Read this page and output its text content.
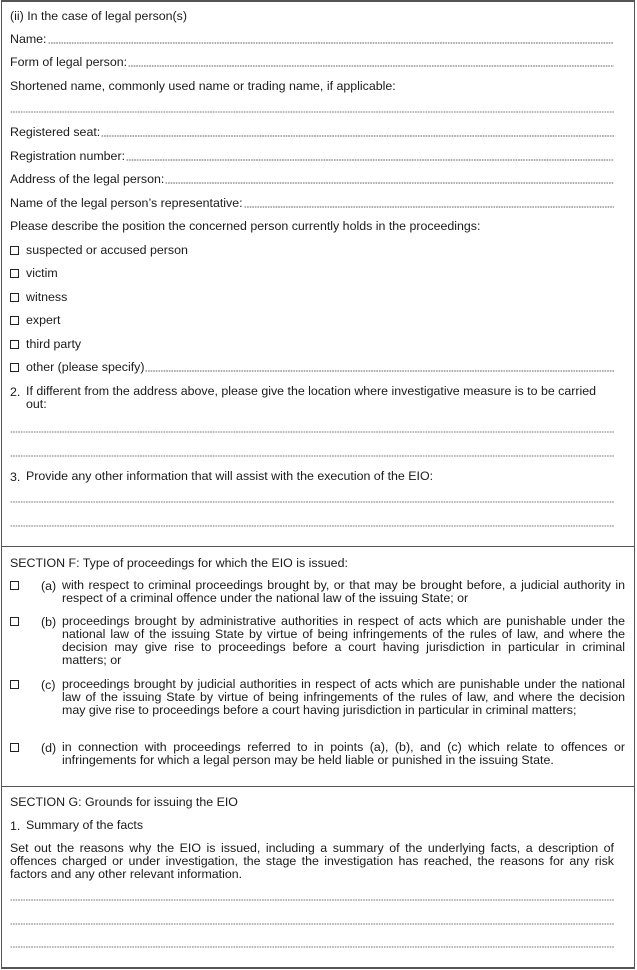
(ii) In the case of legal person(s)
Name:
Form of legal person:
Shortened name, commonly used name or trading name, if applicable:
Registered seat:
Registration number:
Address of the legal person:
Name of the legal person’s representative:
Please describe the position the concerned person currently holds in the proceedings:
suspected or accused person
victim
witness
expert
third party
other (please specify)
2. If different from the address above, please give the location where investigative measure is to be carried out:
3. Provide any other information that will assist with the execution of the EIO:
SECTION F: Type of proceedings for which the EIO is issued:
(a) with respect to criminal proceedings brought by, or that may be brought before, a judicial authority in respect of a criminal offence under the national law of the issuing State; or
(b) proceedings brought by administrative authorities in respect of acts which are punishable under the national law of the issuing State by virtue of being infringements of the rules of law, and where the decision may give rise to proceedings before a court having jurisdiction in particular in criminal matters; or
(c) proceedings brought by judicial authorities in respect of acts which are punishable under the national law of the issuing State by virtue of being infringements of the rules of law, and where the decision may give rise to proceedings before a court having jurisdiction in particular in criminal matters;
(d) in connection with proceedings referred to in points (a), (b), and (c) which relate to offences or infringements for which a legal person may be held liable or punished in the issuing State.
SECTION G: Grounds for issuing the EIO
1. Summary of the facts
Set out the reasons why the EIO is issued, including a summary of the underlying facts, a description of offences charged or under investigation, the stage the investigation has reached, the reasons for any risk factors and any other relevant information.
